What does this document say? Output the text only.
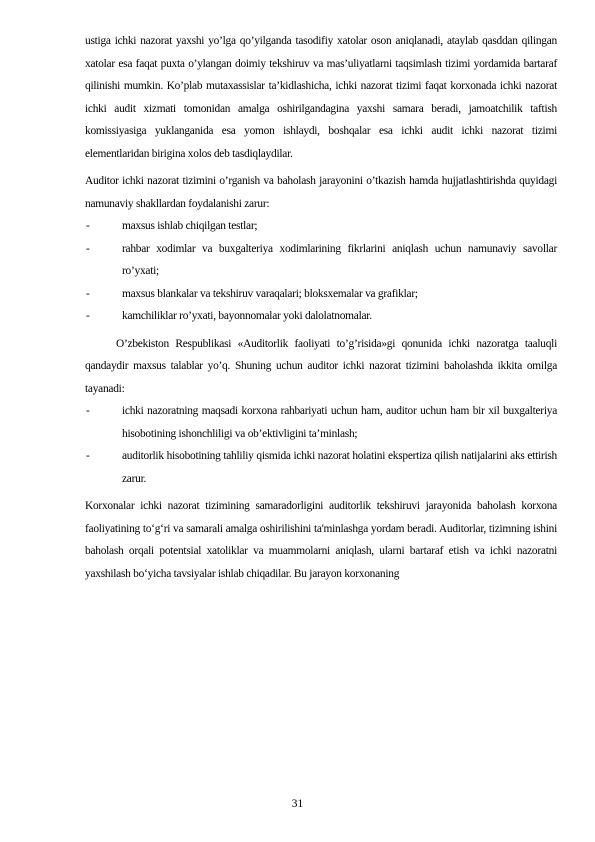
ustiga ichki nazorat yaxshi yo’lga qo’yilganda tasodifiy xatolar oson aniqlanadi, ataylab qasddan qilingan xatolar esa faqat puxta o’ylangan doimiy tekshiruv va mas’uliyatlarni taqsimlash tizimi yordamida bartaraf qilinishi mumkin. Ko’plab mutaxassislar ta’kidlashicha, ichki nazorat tizimi faqat korxonada ichki nazorat ichki audit xizmati tomonidan amalga oshirilgandagina yaxshi samara beradi, jamoatchilik taftish komissiyasiga yuklanganida esa yomon ishlaydi, boshqalar esa ichki audit ichki nazorat tizimi elementlaridan birigina xolos deb tasdiqlaydilar.

Auditor ichki nazorat tizimini o’rganish va baholash jarayonini o’tkazish hamda hujjatlashtirishda quyidagi namunaviy shakllardan foydalanishi zarur:

-	maxsus ishlab chiqilgan testlar;
-	rahbar xodimlar va buxgalteriya xodimlarining fikrlarini aniqlash uchun namunaviy savollar ro’yxati;
-	maxsus blankalar va tekshiruv varaqalari; bloksxemalar va grafiklar;
-	kamchiliklar ro’yxati, bayonnomalar yoki dalolatnomalar.

O’zbekiston Respublikasi «Auditorlik faoliyati to’g’risida»gi qonunida ichki nazoratga taaluqli qandaydir maxsus talablar yo’q. Shuning uchun auditor ichki nazorat tizimini baholashda ikkita omilga tayanadi:

-	ichki nazoratning maqsadi korxona rahbariyati uchun ham, auditor uchun ham bir xil buxgalteriya hisobotining ishonchliligi va ob’ektivligini ta’minlash;
-	auditorlik hisobotining tahliliy qismida ichki nazorat holatini ekspertiza qilish natijalarini aks ettirish zarur.

Korxonalar ichki nazorat tizimining samaradorligini auditorlik tekshiruvi jarayonida baholash korxona faoliyatining to‘g‘ri va samarali amalga oshirilishini ta'minlashga yordam beradi. Auditorlar, tizimning ishini baholash orqali potentsial xatoliklar va muammolarni aniqlash, ularni bartaraf etish va ichki nazoratni yaxshilash bo‘yicha tavsiyalar ishlab chiqadilar. Bu jarayon korxonaning

31
